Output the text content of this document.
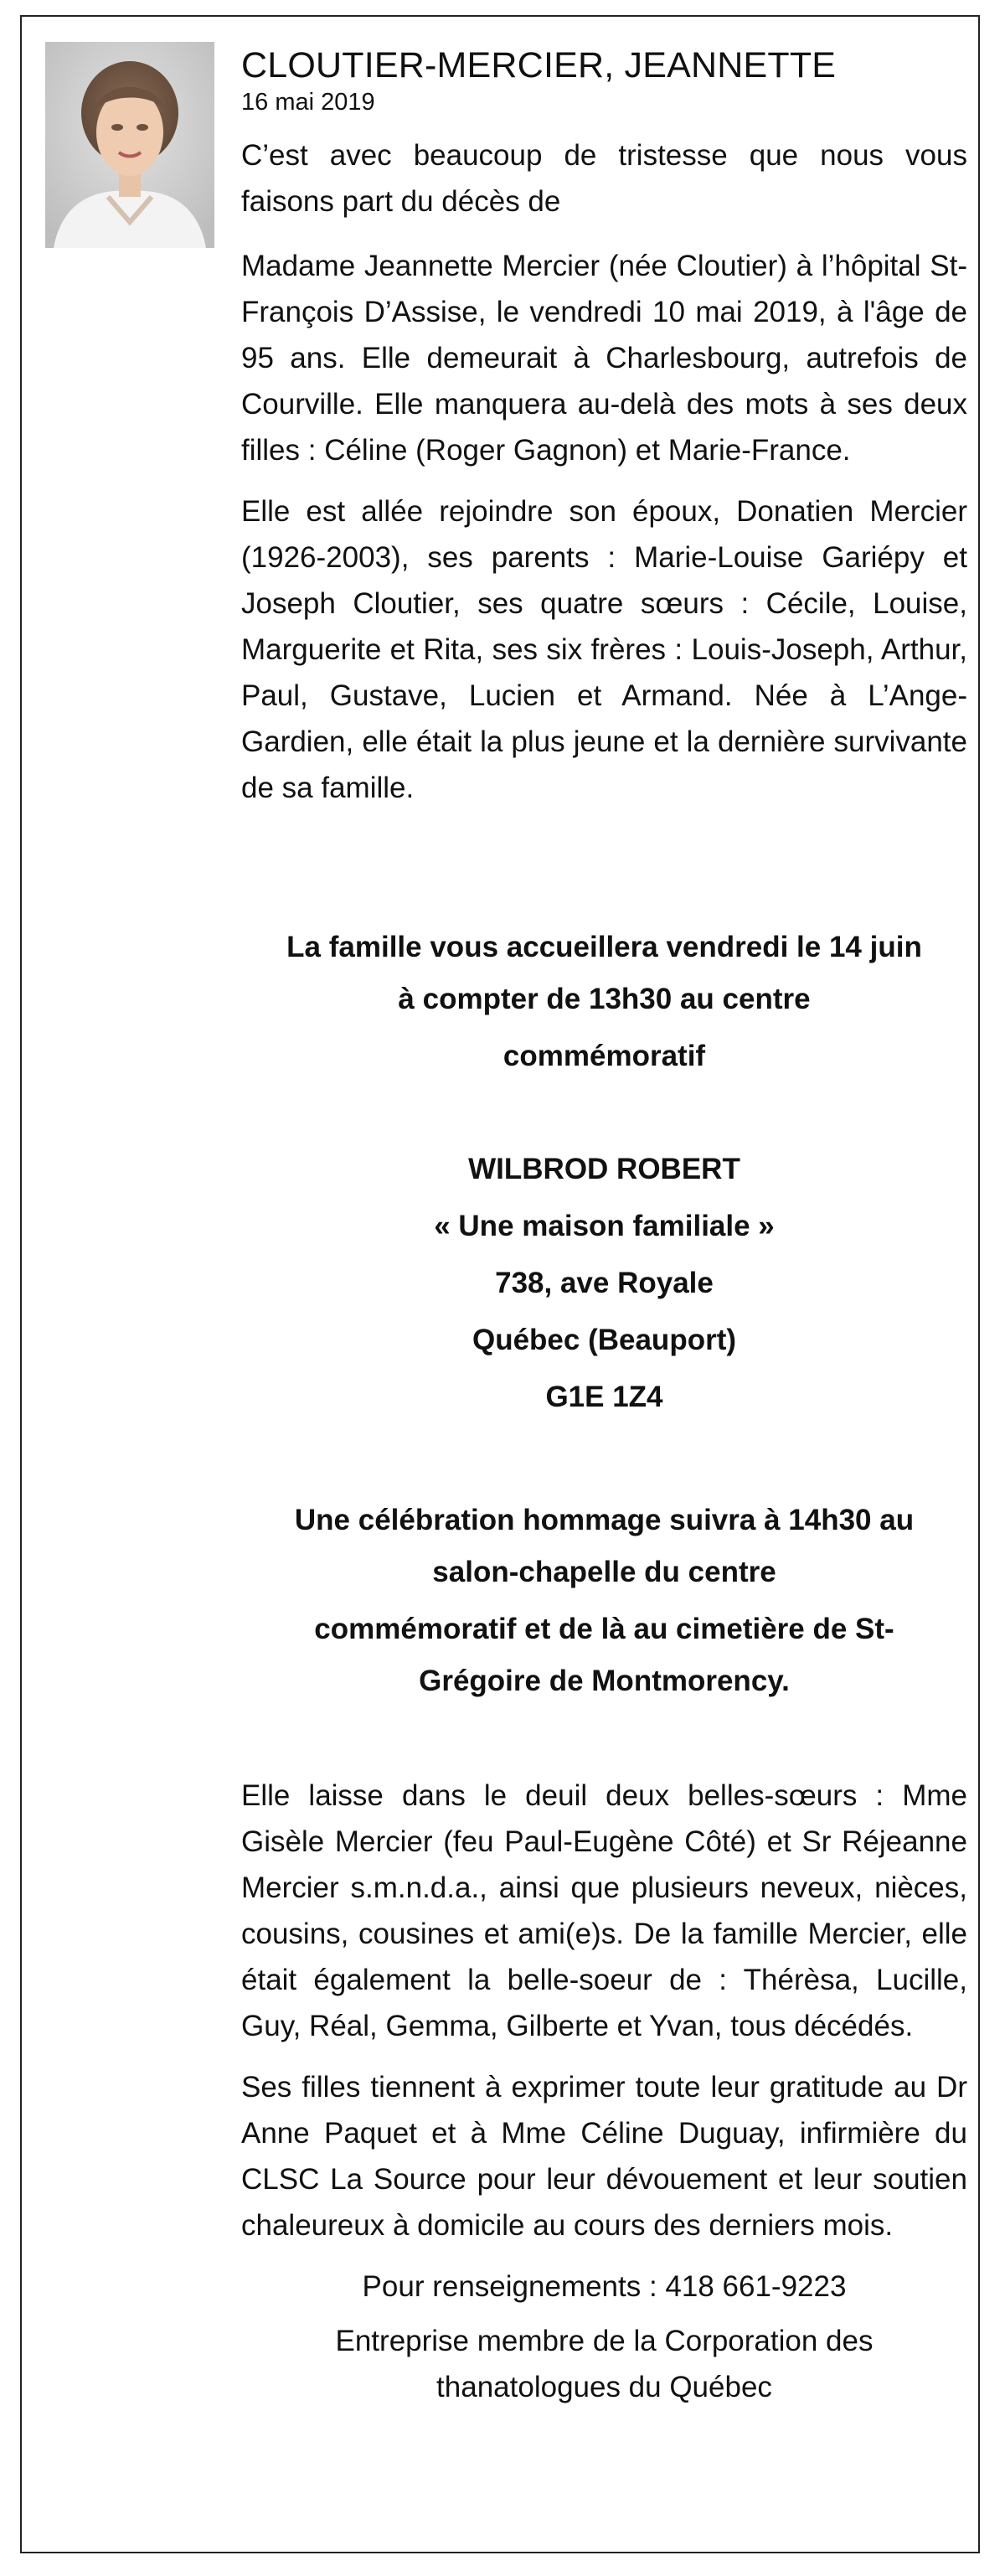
CLOUTIER-MERCIER, JEANNETTE

16 mai 2019

C’est avec beaucoup de tristesse que nous vous faisons part du décès de

Madame Jeannette Mercier (née Cloutier) à l’hôpital St-François D’Assise, le vendredi 10 mai 2019, à l'âge de 95 ans. Elle demeurait à Charlesbourg, autrefois de Courville. Elle manquera au-delà des mots à ses deux filles : Céline (Roger Gagnon) et Marie-France.

Elle est allée rejoindre son époux, Donatien Mercier (1926-2003), ses parents : Marie-Louise Gariépy et Joseph Cloutier, ses quatre sœurs : Cécile, Louise, Marguerite et Rita, ses six frères : Louis-Joseph, Arthur, Paul, Gustave, Lucien et Armand. Née à L’Ange-Gardien, elle était la plus jeune et la dernière survivante de sa famille.

La famille vous accueillera vendredi le 14 juin

à compter de 13h30 au centre

commémoratif

WILBROD ROBERT

« Une maison familiale »

738, ave Royale

Québec (Beauport)

G1E 1Z4

Une célébration hommage suivra à 14h30 au

salon-chapelle du centre

commémoratif et de là au cimetière de St-

Grégoire de Montmorency.

Elle laisse dans le deuil deux belles-sœurs : Mme Gisèle Mercier (feu Paul-Eugène Côté) et Sr Réjeanne Mercier s.m.n.d.a., ainsi que plusieurs neveux, nièces, cousins, cousines et ami(e)s. De la famille Mercier, elle était également la belle-soeur de : Thérèsa, Lucille, Guy, Réal, Gemma, Gilberte et Yvan, tous décédés.

Ses filles tiennent à exprimer toute leur gratitude au Dr Anne Paquet et à Mme Céline Duguay, infirmière du CLSC La Source pour leur dévouement et leur soutien chaleureux à domicile au cours des derniers mois.

Pour renseignements : 418 661-9223

Entreprise membre de la Corporation des

thanatologues du Québec
